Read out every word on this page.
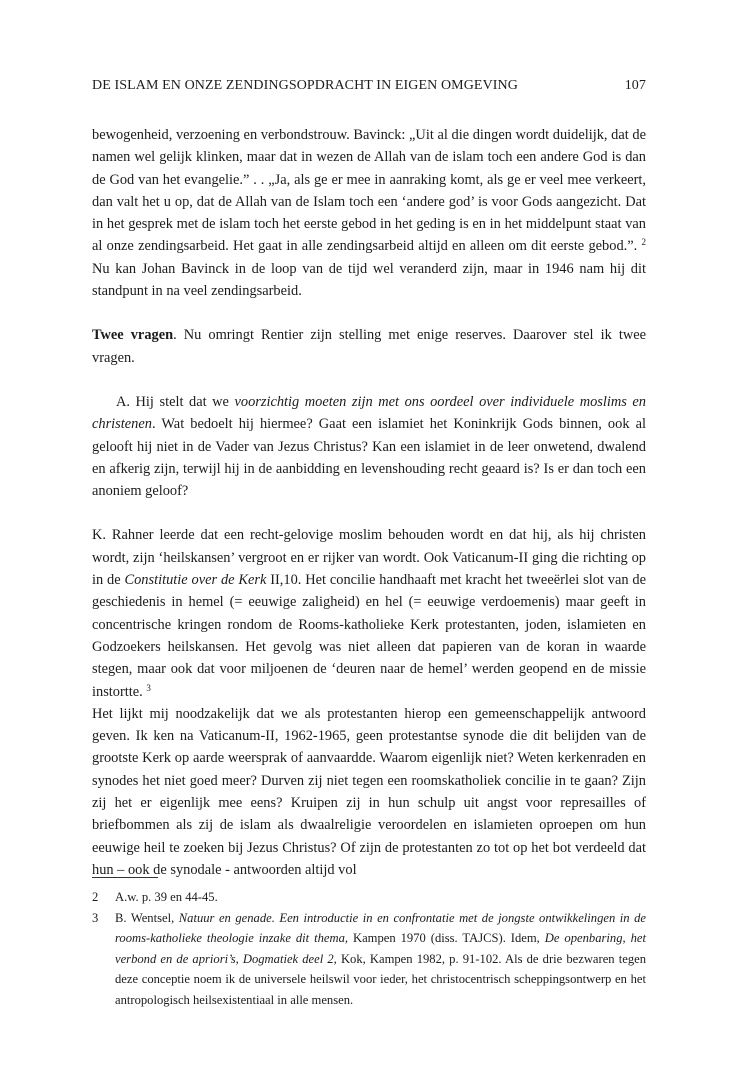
DE ISLAM EN ONZE ZENDINGSOPDRACHT IN EIGEN OMGEVING	107

bewogenheid, verzoening en verbondstrouw. Bavinck: „Uit al die dingen wordt duidelijk, dat de namen wel gelijk klinken, maar dat in wezen de Allah van de islam toch een andere God is dan de God van het evangelie.” . . „Ja, als ge er mee in aanraking komt, als ge er veel mee verkeert, dan valt het u op, dat de Allah van de Islam toch een ‘andere god’ is voor Gods aangezicht. Dat in het gesprek met de islam toch het eerste gebod in het geding is en in het middelpunt staat van al onze zendingsarbeid. Het gaat in alle zendingsarbeid altijd en alleen om dit eerste gebod.”. $^2$ Nu kan Johan Bavinck in de loop van de tijd wel veranderd zijn, maar in 1946 nam hij dit standpunt in na veel zendingsarbeid.

Twee vragen. Nu omringt Rentier zijn stelling met enige reserves. Daarover stel ik twee vragen.

A. Hij stelt dat we voorzichtig moeten zijn met ons oordeel over individuele moslims en christenen. Wat bedoelt hij hiermee? Gaat een islamiet het Koninkrijk Gods binnen, ook al gelooft hij niet in de Vader van Jezus Christus? Kan een islamiet in de leer onwetend, dwalend en afkerig zijn, terwijl hij in de aanbidding en levenshouding recht geaard is? Is er dan toch een anoniem geloof?

K. Rahner leerde dat een recht-gelovige moslim behouden wordt en dat hij, als hij christen wordt, zijn ‘heilskansen’ vergroot en er rijker van wordt. Ook Vaticanum-II ging die richting op in de Constitutie over de Kerk II,10. Het concilie handhaaft met kracht het tweeërlei slot van de geschiedenis in hemel (= eeuwige zaligheid) en hel (= eeuwige verdoemenis) maar geeft in concentrische kringen rondom de Rooms-katholieke Kerk protestanten, joden, islamieten en Godzoekers heilskansen. Het gevolg was niet alleen dat papieren van de koran in waarde stegen, maar ook dat voor miljoenen de ‘deuren naar de hemel’ werden geopend en de missie instortte. $^3$

Het lijkt mij noodzakelijk dat we als protestanten hierop een gemeenschappelijk antwoord geven. Ik ken na Vaticanum-II, 1962-1965, geen protestantse synode die dit belijden van de grootste Kerk op aarde weersprak of aanvaardde. Waarom eigenlijk niet? Weten kerkenraden en synodes het niet goed meer? Durven zij niet tegen een roomskatholiek concilie in te gaan? Zijn zij het er eigenlijk mee eens? Kruipen zij in hun schulp uit angst voor represailles of briefbommen als zij de islam als dwaalreligie veroordelen en islamieten oproepen om hun eeuwige heil te zoeken bij Jezus Christus? Of zijn de protestanten zo tot op het bot verdeeld dat hun – ook de synodale - antwoorden altijd vol

2	A.w. p. 39 en 44-45.
3	B. Wentsel, Natuur en genade. Een introductie in en confrontatie met de jongste ontwikkelingen in de rooms-katholieke theologie inzake dit thema, Kampen 1970 (diss. TAJCS). Idem, De openbaring, het verbond en de apriori’s, Dogmatiek deel 2, Kok, Kampen 1982, p. 91-102. Als de drie bezwaren tegen deze conceptie noem ik de universele heilswil voor ieder, het christocentrisch scheppingsontwerp en het antropologisch heilsexistentiaal in alle mensen.
